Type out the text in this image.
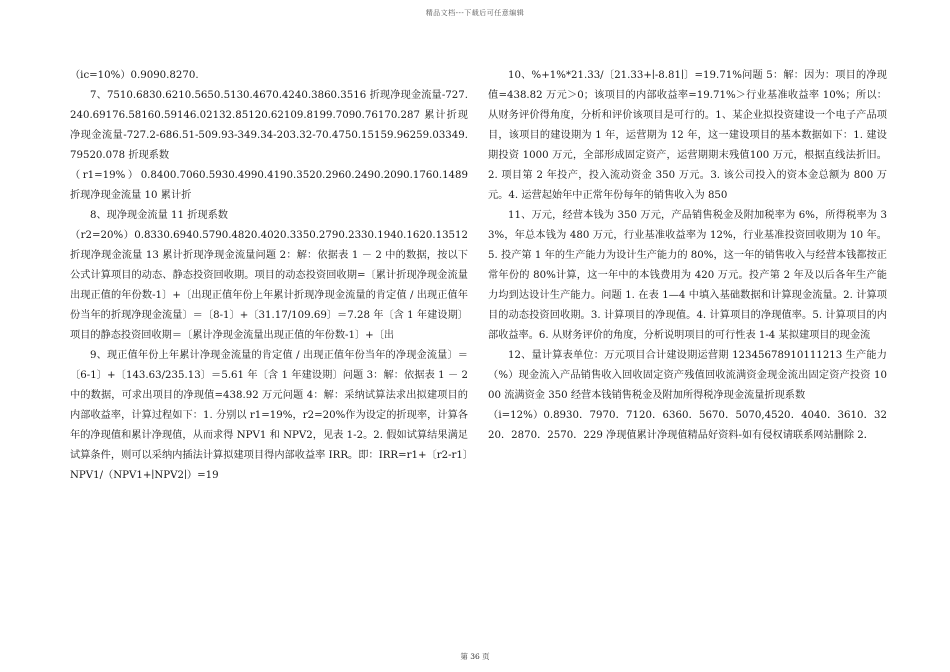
精品文档---下载后可任意编辑

（ic=10%）0.9090.8270.

7、7510.6830.6210.5650.5130.4670.4240.3860.3516 折现净现金流量-727.240.69176.58160.59146.02132.85120.62109.8199.7090.76170.287 累计折现净现金流量-727.2-686.51-509.93-349.34-203.32-70.4750.15159.96259.03349.79520.078 折现系数

（r1=19%）0.8400.7060.5930.4990.4190.3520.2960.2490.2090.1760.1489 折现净现金流量 10 累计折

8、现净现金流量 11 折现系数

（r2=20%）0.8330.6940.5790.4820.4020.3350.2790.2330.1940.1620.13512 折现净现金流量 13 累计折现净现金流量问题 2：解：依据表 1 － 2 中的数据，按以下公式计算项目的动态、静态投资回收期。项目的动态投资回收期=〔累计折现净现金流量出现正值的年份数-1〕+〔出现正值年份上年累计折现净现金流量的肯定值 / 出现正值年份当年的折现净现金流量〕＝〔8-1〕+〔31.17/109.69〕＝7.28 年〔含 1 年建设期〕项目的静态投资回收期＝〔累计净现金流量出现正值的年份数-1〕+〔出

9、现正值年份上年累计净现金流量的肯定值 / 出现正值年份当年的净现金流量〕＝〔6-1〕+〔143.63/235.13〕＝5.61 年〔含 1 年建设期〕问题 3：解：依据表 1 － 2 中的数据，可求出项目的净现值=438.92 万元问题 4：解：采纳试算法求出拟建项目的内部收益率，计算过程如下：1. 分别以 r1=19%，r2=20%作为设定的折现率，计算各年的净现值和累计净现值，从而求得 NPV1 和 NPV2，见表 1-2。2. 假如试算结果满足试算条件，则可以采纳内插法计算拟建项目得内部收益率 IRR。即：IRR=r1+〔r2-r1〕NPV1/（NPV1+∣NPV2∣）=19

10、%+1%*21.33/〔21.33+∣-8.81∣〕=19.71%问题 5：解：因为：项目的净现值=438.82 万元＞0；该项目的内部收益率=19.71%＞行业基准收益率 10%；所以：从财务评价得角度，分析和评价该项目是可行的。1、某企业拟投资建设一个电子产品项目，该项目的建设期为 1 年，运营期为 12 年，这一建设项目的基本数据如下：1. 建设期投资 1000 万元，全部形成固定资产，运营期期末残值100 万元，根据直线法折旧。2. 项目第 2 年投产，投入流动资金 350 万元。3. 该公司投入的资本金总额为 800 万元。4. 运营起始年中正常年份每年的销售收入为 850

11、万元，经营本钱为 350 万元，产品销售税金及附加税率为 6%，所得税率为 33%，年总本钱为 480 万元，行业基准收益率为 12%，行业基准投资回收期为 10 年。5. 投产第 1 年的生产能力为设计生产能力的 80%，这一年的销售收入与经营本钱都按正常年份的 80%计算，这一年中的本钱费用为 420 万元。投产第 2 年及以后各年生产能力均到达设计生产能力。问题 1. 在表 1—4 中填入基础数据和计算现金流量。2. 计算项目的动态投资回收期。3. 计算项目的净现值。4. 计算项目的净现值率。5. 计算项目的内部收益率。6. 从财务评价的角度，分析说明项目的可行性表 1-4 某拟建项目的现金流

12、量计算表单位：万元项目合计建设期运营期 12345678910111213 生产能力（%）现金流入产品销售收入回收固定资产残值回收流满资金现金流出固定资产投资 1000 流满资金 350 经营本钱销售税金及附加所得税净现金流量折现系数

（i=12%）0.8930．7970．7120．6360．5670．5070,4520．4040．3610．3220．2870．2570．229 净现值累计净现值精品好资料-如有侵权请联系网站删除 2．

第 36 页
